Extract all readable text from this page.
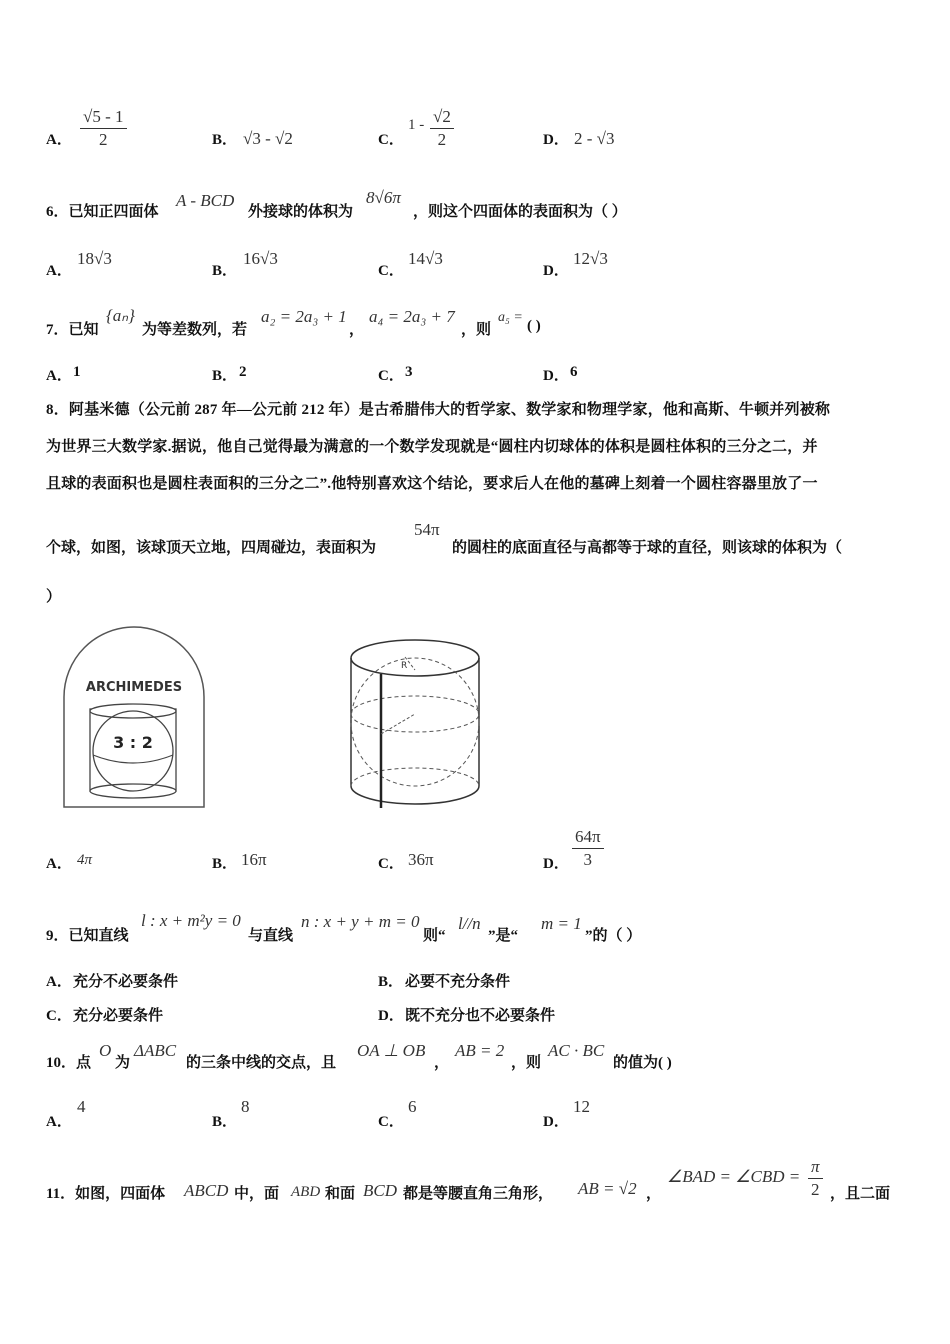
A． $\frac{√5 - 1}{2}$	B． √3 - √2	C．
$1 - \frac{√2}{2}$	D． 2 - √3
6．已知正四面体
A - BCD
外接球的体积为
8√6π
，则这个四面体的表面积为（ ）
A．
18√3
B．
16√3
C．
14√3
D．
12√3
7．已知
{aₙ}
为等差数列，若
a₂ = 2a₃ + 1
，
a₄ = 2a₃ + 7
，则
a₅ =
( )
A． 1	B． 2	C． 3	D． 6
8．阿基米德（公元前 287 年—公元前 212 年）是古希腊伟大的哲学家、数学家和物理学家，他和高斯、牛顿并列被称
为世界三大数学家.据说，他自己觉得最为满意的一个数学发现就是“圆柱内切球体的体积是圆柱体积的三分之二，并
且球的表面积也是圆柱表面积的三分之二”.他特别喜欢这个结论，要求后人在他的墓碑上刻着一个圆柱容器里放了一
个球，如图，该球顶天立地，四周碰边，表面积为
54π
的圆柱的底面直径与高都等于球的直径，则该球的体积为（
）
ARCHIMEDES
3 : 2
R
A． 4π	B． 16π	C． 36π	D． $\frac{64\pi}{3}$
9．已知直线
l : x + m²y = 0
与直线
n : x + y + m = 0
则“
l//n
”是“
m = 1
”的（ ）
A． 充分不必要条件	B． 必要不充分条件
C． 充分必要条件	D． 既不充分也不必要条件
10．点
O
为
ΔABC
的三条中线的交点，且
OA ⊥ OB
，
AB = 2
，则
AC · BC
的值为( )
A．
4
B．
8
C．
6
D．
12
11．如图，四面体 ABCD 中，面 ABD 和面 BCD 都是等腰直角三角形， AB = √2 ，
∠BAD = ∠CBD = $\frac{\pi}{2}$ ，且二面
